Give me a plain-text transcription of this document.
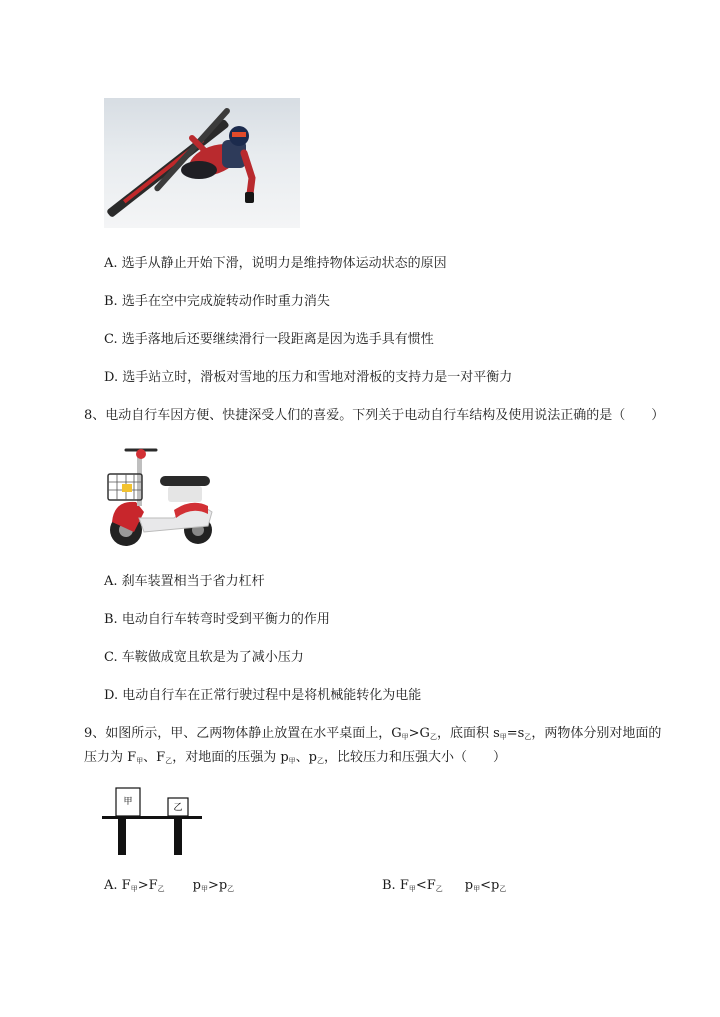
A. 选手从静止开始下滑，说明力是维持物体运动状态的原因
B. 选手在空中完成旋转动作时重力消失
C. 选手落地后还要继续滑行一段距离是因为选手具有惯性
D. 选手站立时，滑板对雪地的压力和雪地对滑板的支持力是一对平衡力
8、电动自行车因方便、快捷深受人们的喜爱。下列关于电动自行车结构及使用说法正确的是（　　）
A. 刹车装置相当于省力杠杆
B. 电动自行车转弯时受到平衡力的作用
C. 车鞍做成宽且软是为了减小压力
D. 电动自行车在正常行驶过程中是将机械能转化为电能
9、如图所示，甲、乙两物体静止放置在水平桌面上，$G_甲>G_乙$，底面积 $s_甲=s_乙$，两物体分别对地面的
压力为 $F_甲$、$F_乙$，对地面的压强为 $p_甲$、$p_乙$，比较压力和压强大小（　　）
甲
乙
A. $F_甲>F_乙$ $p_甲>p_乙$	B. $F_甲<F_乙$ $p_甲<p_乙$
